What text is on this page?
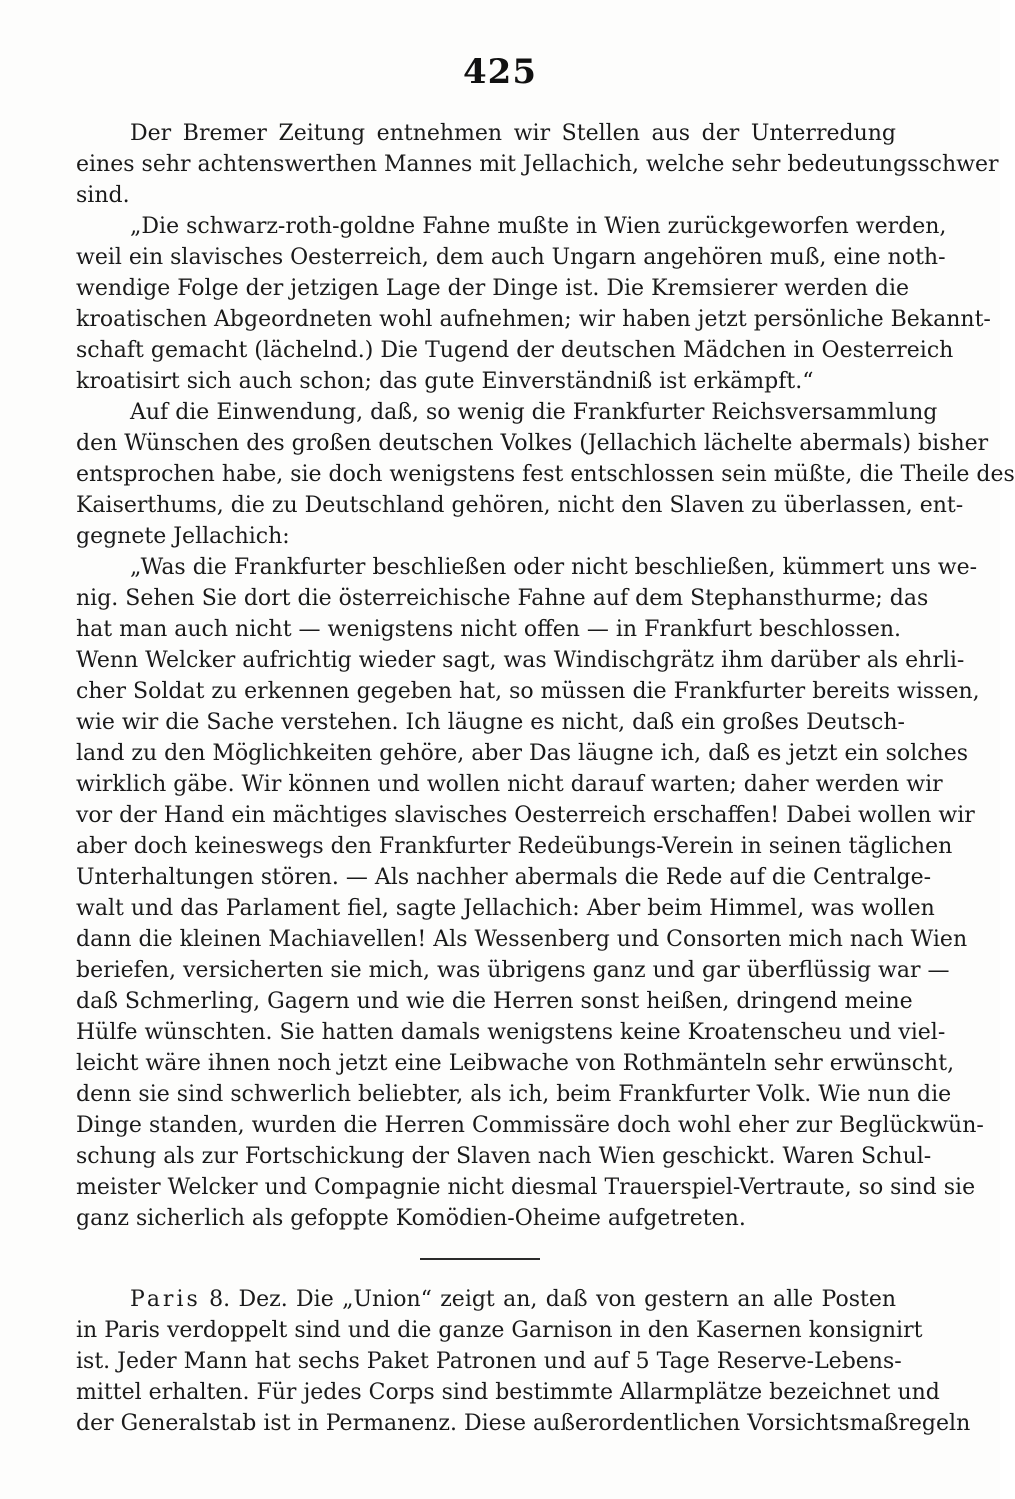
425
Der Bremer Zeitung entnehmen wir Stellen aus der Unterredung
eines sehr achtenswerthen Mannes mit Jellachich, welche sehr bedeutungsschwer
sind.
„Die schwarz-roth-goldne Fahne mußte in Wien zurückgeworfen werden,
weil ein slavisches Oesterreich, dem auch Ungarn angehören muß, eine noth-
wendige Folge der jetzigen Lage der Dinge ist. Die Kremsierer werden die
kroatischen Abgeordneten wohl aufnehmen; wir haben jetzt persönliche Bekannt-
schaft gemacht (lächelnd.) Die Tugend der deutschen Mädchen in Oesterreich
kroatisirt sich auch schon; das gute Einverständniß ist erkämpft.“
Auf die Einwendung, daß, so wenig die Frankfurter Reichsversammlung
den Wünschen des großen deutschen Volkes (Jellachich lächelte abermals) bisher
entsprochen habe, sie doch wenigstens fest entschlossen sein müßte, die Theile des
Kaiserthums, die zu Deutschland gehören, nicht den Slaven zu überlassen, ent-
gegnete Jellachich:
„Was die Frankfurter beschließen oder nicht beschließen, kümmert uns we-
nig. Sehen Sie dort die österreichische Fahne auf dem Stephansthurme; das
hat man auch nicht — wenigstens nicht offen — in Frankfurt beschlossen.
Wenn Welcker aufrichtig wieder sagt, was Windischgrätz ihm darüber als ehrli-
cher Soldat zu erkennen gegeben hat, so müssen die Frankfurter bereits wissen,
wie wir die Sache verstehen. Ich läugne es nicht, daß ein großes Deutsch-
land zu den Möglichkeiten gehöre, aber Das läugne ich, daß es jetzt ein solches
wirklich gäbe. Wir können und wollen nicht darauf warten; daher werden wir
vor der Hand ein mächtiges slavisches Oesterreich erschaffen! Dabei wollen wir
aber doch keineswegs den Frankfurter Redeübungs-Verein in seinen täglichen
Unterhaltungen stören. — Als nachher abermals die Rede auf die Centralge-
walt und das Parlament fiel, sagte Jellachich: Aber beim Himmel, was wollen
dann die kleinen Machiavellen! Als Wessenberg und Consorten mich nach Wien
beriefen, versicherten sie mich, was übrigens ganz und gar überflüssig war —
daß Schmerling, Gagern und wie die Herren sonst heißen, dringend meine
Hülfe wünschten. Sie hatten damals wenigstens keine Kroatenscheu und viel-
leicht wäre ihnen noch jetzt eine Leibwache von Rothmänteln sehr erwünscht,
denn sie sind schwerlich beliebter, als ich, beim Frankfurter Volk. Wie nun die
Dinge standen, wurden die Herren Commissäre doch wohl eher zur Beglückwün-
schung als zur Fortschickung der Slaven nach Wien geschickt. Waren Schul-
meister Welcker und Compagnie nicht diesmal Trauerspiel-Vertraute, so sind sie
ganz sicherlich als gefoppte Komödien-Oheime aufgetreten.
Paris 8. Dez. Die „Union“ zeigt an, daß von gestern an alle Posten
in Paris verdoppelt sind und die ganze Garnison in den Kasernen konsignirt
ist. Jeder Mann hat sechs Paket Patronen und auf 5 Tage Reserve-Lebens-
mittel erhalten. Für jedes Corps sind bestimmte Allarmplätze bezeichnet und
der Generalstab ist in Permanenz. Diese außerordentlichen Vorsichtsmaßregeln
